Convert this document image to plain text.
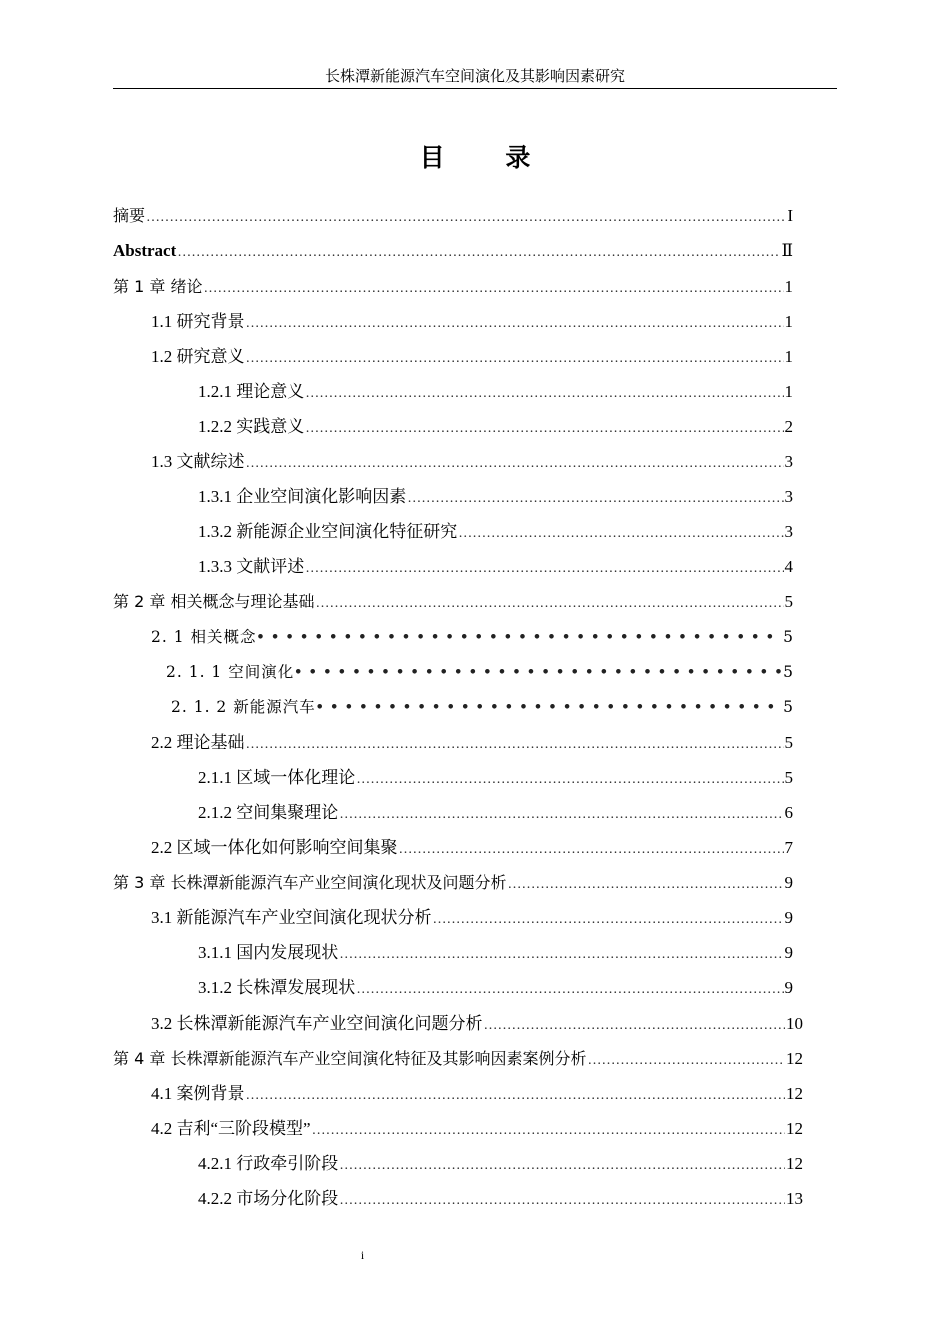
长株潭新能源汽车空间演化及其影响因素研究
目 录
摘要 ………………………………………………………………………………………………………………………………………………………………………………………………………………	I
Abstract ………………………………………………………………………………………………………………………………………………………………………………………………………………	Ⅱ
第 1 章 绪论 ………………………………………………………………………………………………………………………………………………………………………………………………………………	1
1.1 研究背景 ………………………………………………………………………………………………………………………………………………………………………………………………………………	1
1.2 研究意义 ………………………………………………………………………………………………………………………………………………………………………………………………………………	1
1.2.1 理论意义 ………………………………………………………………………………………………………………………………………………………………………………………………………………	1
1.2.2 实践意义 ………………………………………………………………………………………………………………………………………………………………………………………………………………	2
1.3 文献综述 ………………………………………………………………………………………………………………………………………………………………………………………………………………	3
1.3.1 企业空间演化影响因素 ………………………………………………………………………………………………………………………………………………………………………………………………………………	3
1.3.2 新能源企业空间演化特征研究 ………………………………………………………………………………………………………………………………………………………………………………………………………………	3
1.3.3 文献评述 ………………………………………………………………………………………………………………………………………………………………………………………………………………	4
第 2 章 相关概念与理论基础 ………………………………………………………………………………………………………………………………………………………………………………………………………………	5
2. 1 相关概念 •••••	5
2. 1. 1 空间演化 •••••	5
2. 1. 2 新能源汽车 •••••	5
2.2 理论基础 ………………………………………………………………………………………………………………………………………………………………………………………………………………	5
2.1.1 区域一体化理论 ………………………………………………………………………………………………………………………………………………………………………………………………………………	5
2.1.2 空间集聚理论 ………………………………………………………………………………………………………………………………………………………………………………………………………………	6
2.2 区域一体化如何影响空间集聚 ………………………………………………………………………………………………………………………………………………………………………………………………………………	7
第 3 章 长株潭新能源汽车产业空间演化现状及问题分析 ………………………………………………………………………………………………………………………………………………………………………………………………………………	9
3.1 新能源汽车产业空间演化现状分析 ………………………………………………………………………………………………………………………………………………………………………………………………………………	9
3.1.1 国内发展现状 ………………………………………………………………………………………………………………………………………………………………………………………………………………	9
3.1.2 长株潭发展现状 ………………………………………………………………………………………………………………………………………………………………………………………………………………	9
3.2 长株潭新能源汽车产业空间演化问题分析 ………………………………………………………………………………………………………………………………………………………………………………………………………………	10
第 4 章 长株潭新能源汽车产业空间演化特征及其影响因素案例分析 ………………………………………………………………………………………………………………………………………………………………………………………………………………	12
4.1 案例背景 ………………………………………………………………………………………………………………………………………………………………………………………………………………	12
4.2 吉利“三阶段模型” ………………………………………………………………………………………………………………………………………………………………………………………………………………	12
4.2.1 行政牵引阶段 ………………………………………………………………………………………………………………………………………………………………………………………………………………	12
4.2.2 市场分化阶段 ………………………………………………………………………………………………………………………………………………………………………………………………………………	13
i
